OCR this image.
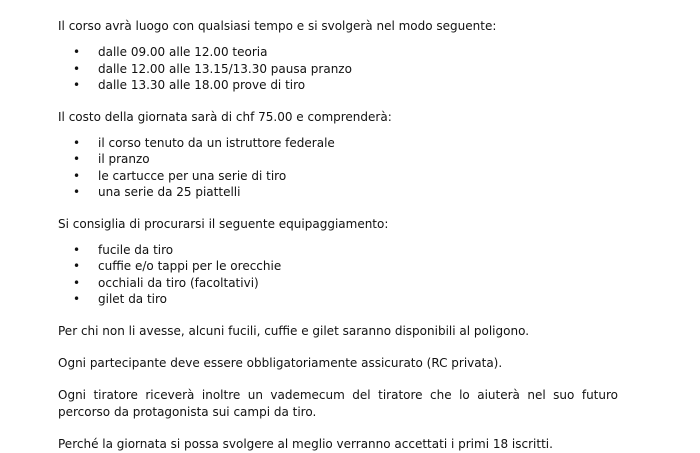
Il corso avrà luogo con qualsiasi tempo e si svolgerà nel modo seguente:

• dalle 09.00 alle 12.00 teoria
• dalle 12.00 alle 13.15/13.30 pausa pranzo
• dalle 13.30 alle 18.00 prove di tiro

Il costo della giornata sarà di chf 75.00 e comprenderà:

• il corso tenuto da un istruttore federale
• il pranzo
• le cartucce per una serie di tiro
• una serie da 25 piattelli

Si consiglia di procurarsi il seguente equipaggiamento:

• fucile da tiro
• cuffie e/o tappi per le orecchie
• occhiali da tiro (facoltativi)
• gilet da tiro

Per chi non li avesse, alcuni fucili, cuffie e gilet saranno disponibili al poligono.

Ogni partecipante deve essere obbligatoriamente assicurato (RC privata).

Ogni tiratore riceverà inoltre un vademecum del tiratore che lo aiuterà nel suo futuro percorso da protagonista sui campi da tiro.

Perché la giornata si possa svolgere al meglio verranno accettati i primi 18 iscritti.
